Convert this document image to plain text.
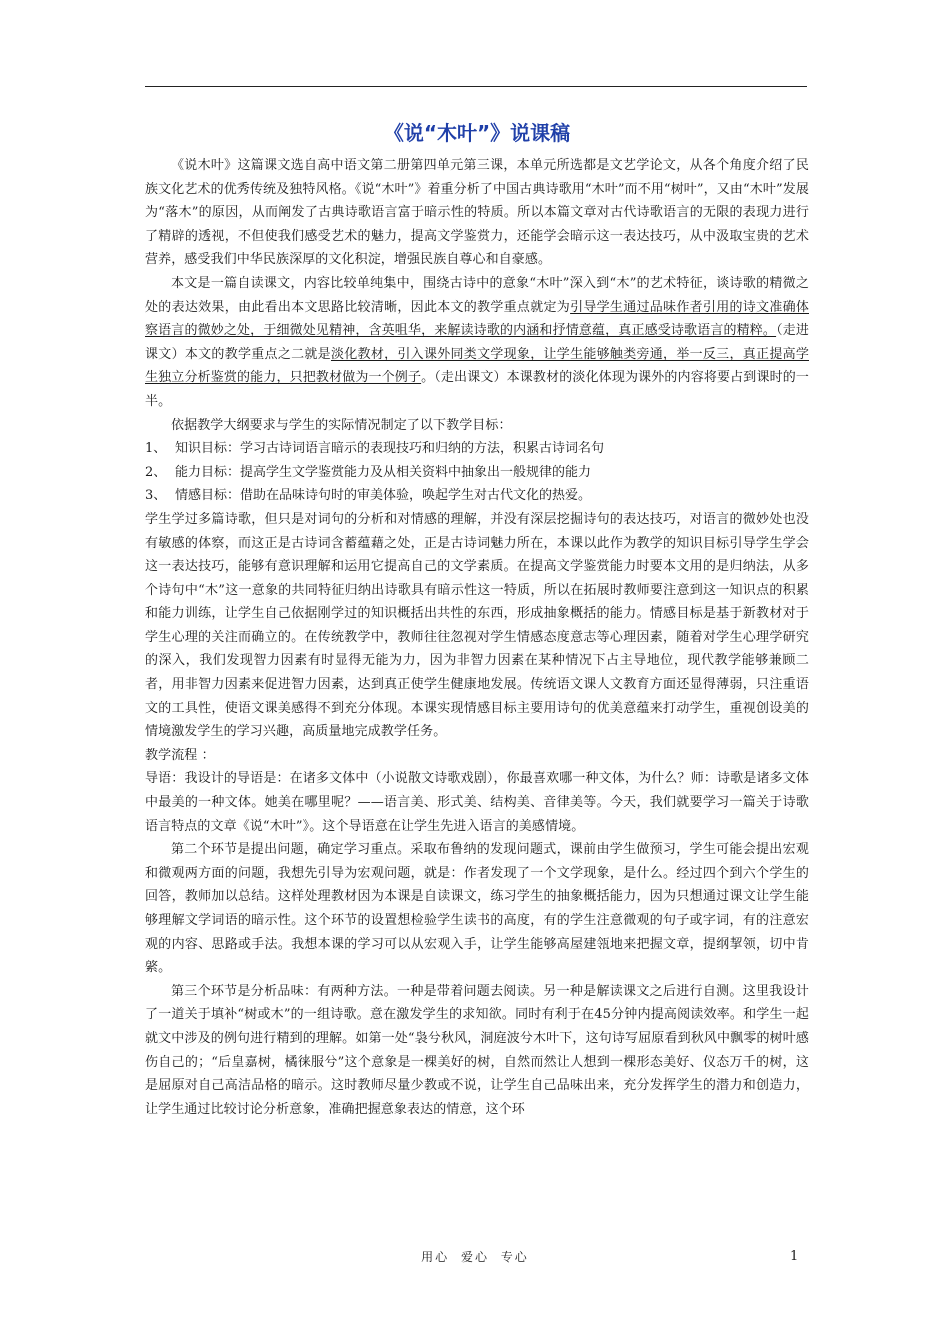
《说“木叶”》说课稿

《说木叶》这篇课文选自高中语文第二册第四单元第三课，本单元所选都是文艺学论文，从各个角度介绍了民族文化艺术的优秀传统及独特风格。《说“木叶”》着重分析了中国古典诗歌用“木叶”而不用“树叶”，又由“木叶”发展为“落木”的原因，从而阐发了古典诗歌语言富于暗示性的特质。所以本篇文章对古代诗歌语言的无限的表现力进行了精辟的透视，不但使我们感受艺术的魅力，提高文学鉴赏力，还能学会暗示这一表达技巧，从中汲取宝贵的艺术营养，感受我们中华民族深厚的文化积淀，增强民族自尊心和自豪感。

本文是一篇自读课文，内容比较单纯集中，围绕古诗中的意象“木叶”深入到“木”的艺术特征，谈诗歌的精微之处的表达效果，由此看出本文思路比较清晰，因此本文的教学重点就定为引导学生通过品味作者引用的诗文准确体察语言的微妙之处，于细微处见精神，含英咀华，来解读诗歌的内涵和抒情意蕴，真正感受诗歌语言的精粹。（走进课文）本文的教学重点之二就是淡化教材，引入课外同类文学现象，让学生能够触类旁通，举一反三，真正提高学生独立分析鉴赏的能力，只把教材做为一个例子。（走出课文）本课教材的淡化体现为课外的内容将要占到课时的一半。

依据教学大纲要求与学生的实际情况制定了以下教学目标：

1、 知识目标：学习古诗词语言暗示的表现技巧和归纳的方法，积累古诗词名句
2、 能力目标：提高学生文学鉴赏能力及从相关资料中抽象出一般规律的能力
3、 情感目标：借助在品味诗句时的审美体验，唤起学生对古代文化的热爱。

学生学过多篇诗歌，但只是对词句的分析和对情感的理解，并没有深层挖掘诗句的表达技巧，对语言的微妙处也没有敏感的体察，而这正是古诗词含蓄蕴藉之处，正是古诗词魅力所在，本课以此作为教学的知识目标引导学生学会这一表达技巧，能够有意识理解和运用它提高自己的文学素质。在提高文学鉴赏能力时要本文用的是归纳法，从多个诗句中“木”这一意象的共同特征归纳出诗歌具有暗示性这一特质，所以在拓展时教师要注意到这一知识点的积累和能力训练，让学生自己依据刚学过的知识概括出共性的东西，形成抽象概括的能力。情感目标是基于新教材对于学生心理的关注而确立的。在传统教学中，教师往往忽视对学生情感态度意志等心理因素，随着对学生心理学研究的深入，我们发现智力因素有时显得无能为力，因为非智力因素在某种情况下占主导地位，现代教学能够兼顾二者，用非智力因素来促进智力因素，达到真正使学生健康地发展。传统语文课人文教育方面还显得薄弱，只注重语文的工具性，使语文课美感得不到充分体现。本课实现情感目标主要用诗句的优美意蕴来打动学生，重视创设美的情境激发学生的学习兴趣，高质量地完成教学任务。

教学流程 ：

导语：我设计的导语是：在诸多文体中（小说散文诗歌戏剧），你最喜欢哪一种文体，为什么？师：诗歌是诸多文体中最美的一种文体。她美在哪里呢？——语言美、形式美、结构美、音律美等。今天，我们就要学习一篇关于诗歌语言特点的文章《说“木叶”》。这个导语意在让学生先进入语言的美感情境。

第二个环节是提出问题，确定学习重点。采取布鲁纳的发现问题式，课前由学生做预习，学生可能会提出宏观和微观两方面的问题，我想先引导为宏观问题，就是：作者发现了一个文学现象，是什么。经过四个到六个学生的回答，教师加以总结。这样处理教材因为本课是自读课文，练习学生的抽象概括能力，因为只想通过课文让学生能够理解文学词语的暗示性。这个环节的设置想检验学生读书的高度，有的学生注意微观的句子或字词，有的注意宏观的内容、思路或手法。我想本课的学习可以从宏观入手，让学生能够高屋建瓴地来把握文章，提纲挈领，切中肯綮。

第三个环节是分析品味：有两种方法。一种是带着问题去阅读。另一种是解读课文之后进行自测。这里我设计了一道关于填补“树或木”的一组诗歌。意在激发学生的求知欲。同时有利于在45分钟内提高阅读效率。和学生一起就文中涉及的例句进行精到的理解。如第一处“袅兮秋风，洞庭波兮木叶下，这句诗写屈原看到秋风中飘零的树叶感伤自己的；“后皇嘉树，橘徕服兮”这个意象是一棵美好的树，自然而然让人想到一棵形态美好、仪态万千的树，这是屈原对自己高洁品格的暗示。这时教师尽量少教或不说，让学生自己品味出来，充分发挥学生的潜力和创造力，让学生通过比较讨论分析意象，准确把握意象表达的情意，这个环

用心 爱心 专心	1
